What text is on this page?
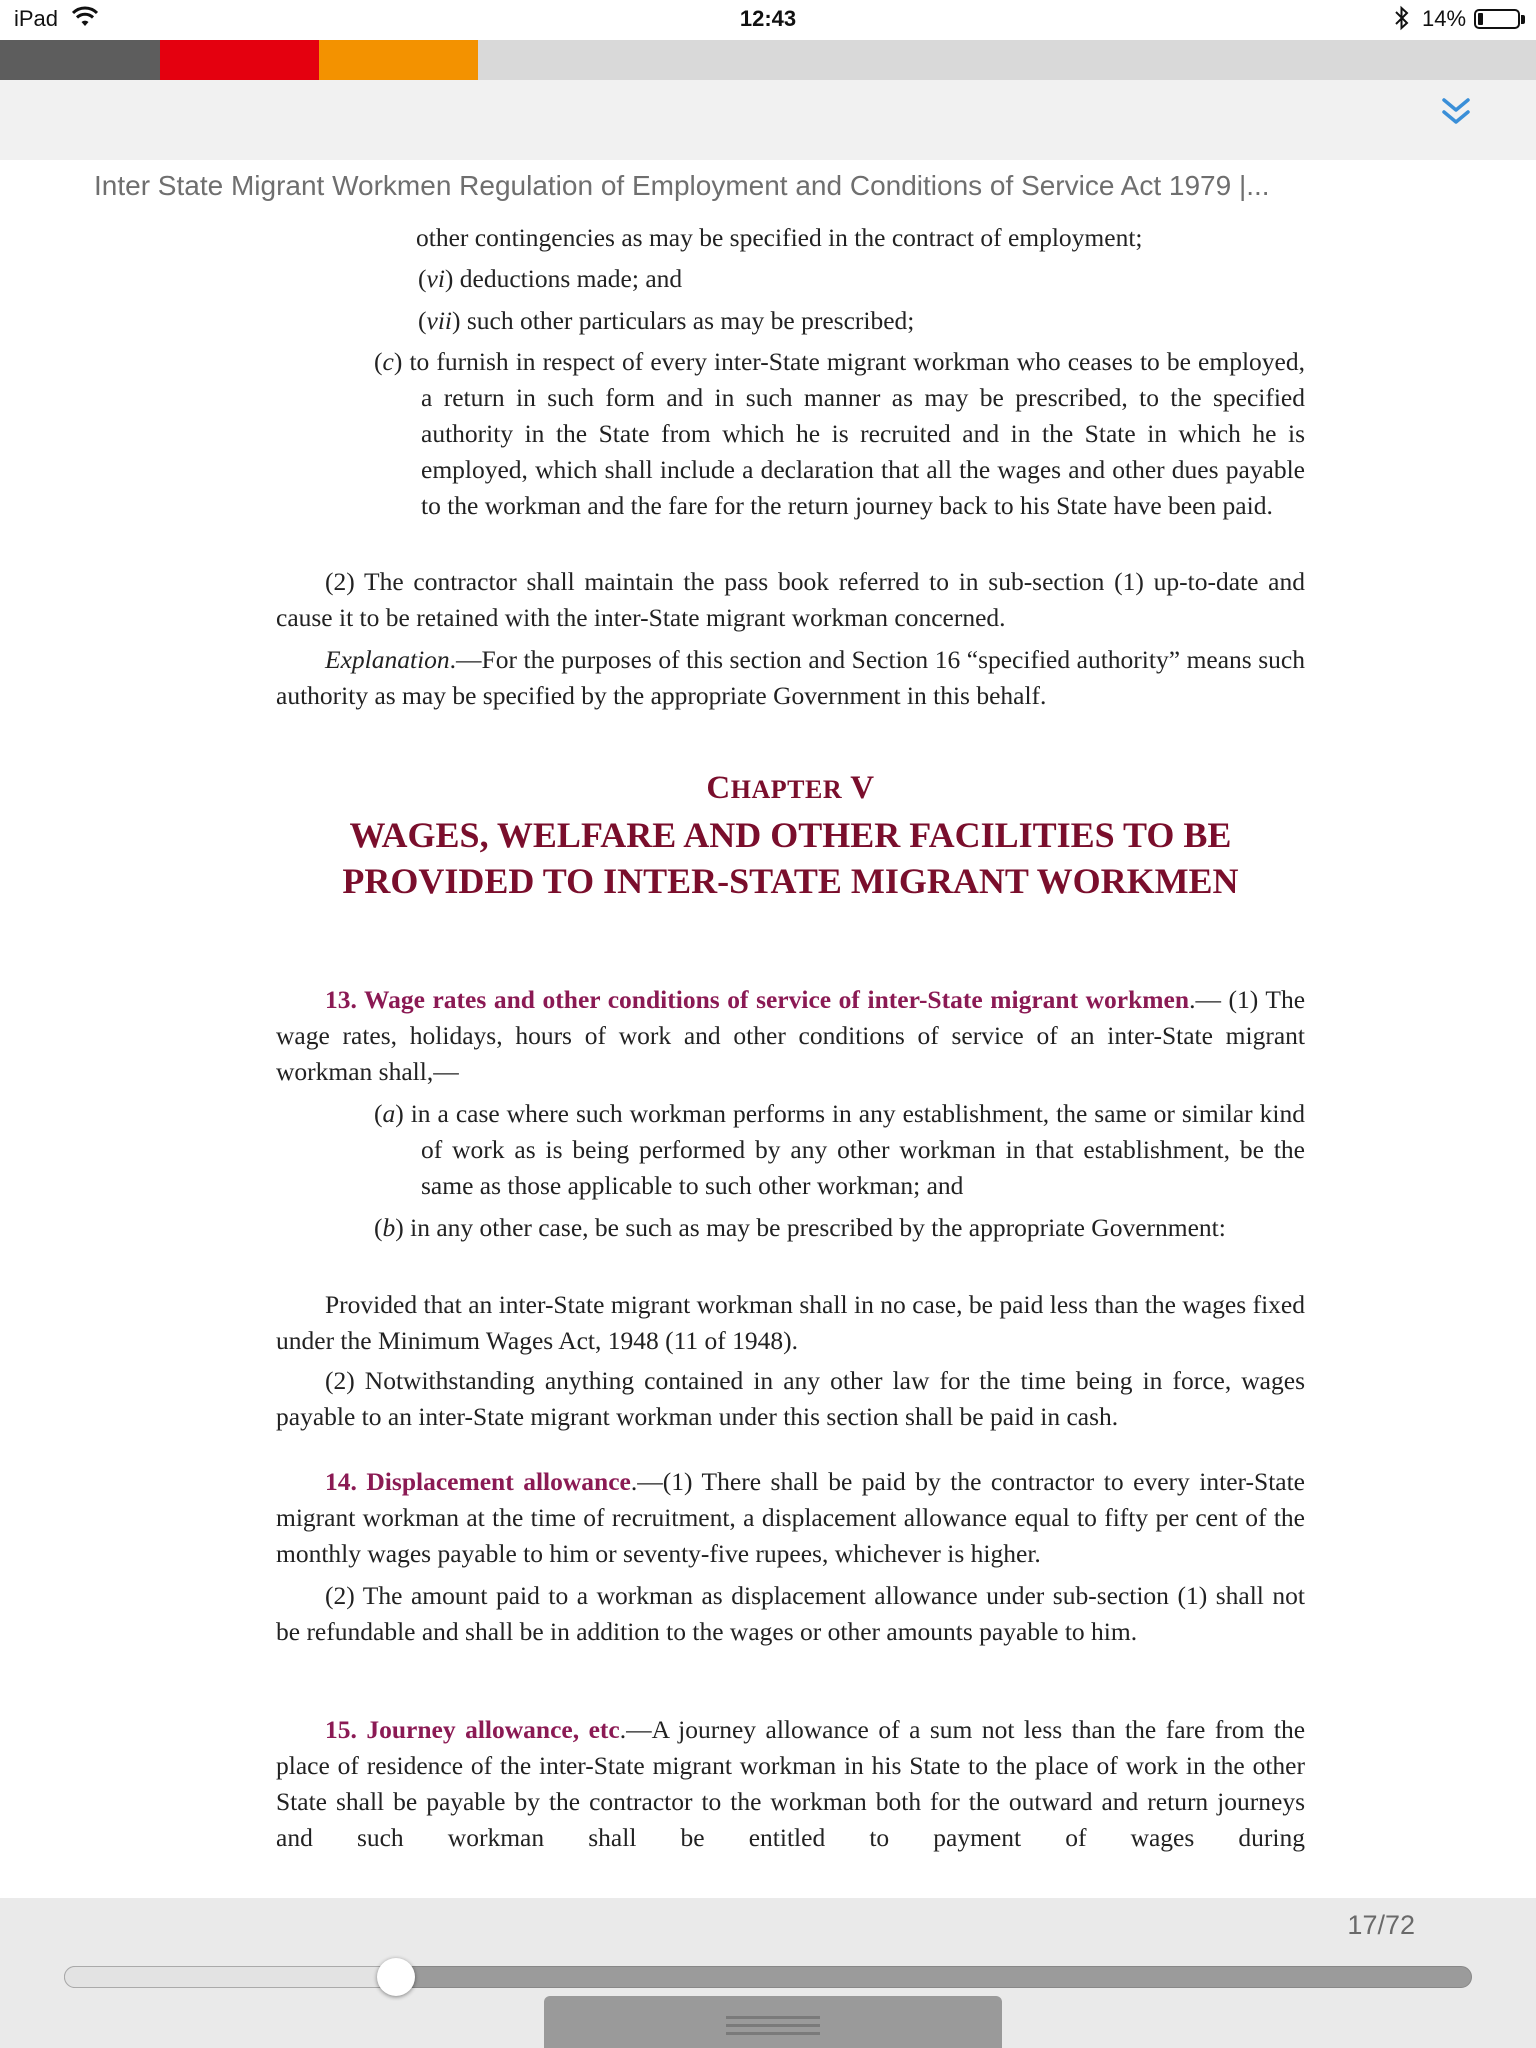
iPad	12:43	14%
Inter State Migrant Workmen Regulation of Employment and Conditions of Service Act 1979 |...

other contingencies as may be specified in the contract of employment;

(vi) deductions made; and

(vii) such other particulars as may be prescribed;

(c) to furnish in respect of every inter-State migrant workman who ceases to be employed, a return in such form and in such manner as may be prescribed, to the specified authority in the State from which he is recruited and in the State in which he is employed, which shall include a declaration that all the wages and other dues payable to the workman and the fare for the return journey back to his State have been paid.

(2) The contractor shall maintain the pass book referred to in sub-section (1) up-to-date and cause it to be retained with the inter-State migrant workman concerned.

Explanation.—For the purposes of this section and Section 16 “specified authority” means such authority as may be specified by the appropriate Government in this behalf.

CHAPTER V
WAGES, WELFARE AND OTHER FACILITIES TO BE
PROVIDED TO INTER-STATE MIGRANT WORKMEN

13. Wage rates and other conditions of service of inter-State migrant workmen.— (1) The wage rates, holidays, hours of work and other conditions of service of an inter-State migrant workman shall,—

(a) in a case where such workman performs in any establishment, the same or similar kind of work as is being performed by any other workman in that establishment, be the same as those applicable to such other workman; and

(b) in any other case, be such as may be prescribed by the appropriate Government:

Provided that an inter-State migrant workman shall in no case, be paid less than the wages fixed under the Minimum Wages Act, 1948 (11 of 1948).

(2) Notwithstanding anything contained in any other law for the time being in force, wages payable to an inter-State migrant workman under this section shall be paid in cash.

14. Displacement allowance.—(1) There shall be paid by the contractor to every inter-State migrant workman at the time of recruitment, a displacement allowance equal to fifty per cent of the monthly wages payable to him or seventy-five rupees, whichever is higher.

(2) The amount paid to a workman as displacement allowance under sub-section (1) shall not be refundable and shall be in addition to the wages or other amounts payable to him.

15. Journey allowance, etc.—A journey allowance of a sum not less than the fare from the place of residence of the inter-State migrant workman in his State to the place of work in the other State shall be payable by the contractor to the workman both for the outward and return journeys and such workman shall be entitled to payment of wages during

17/72
